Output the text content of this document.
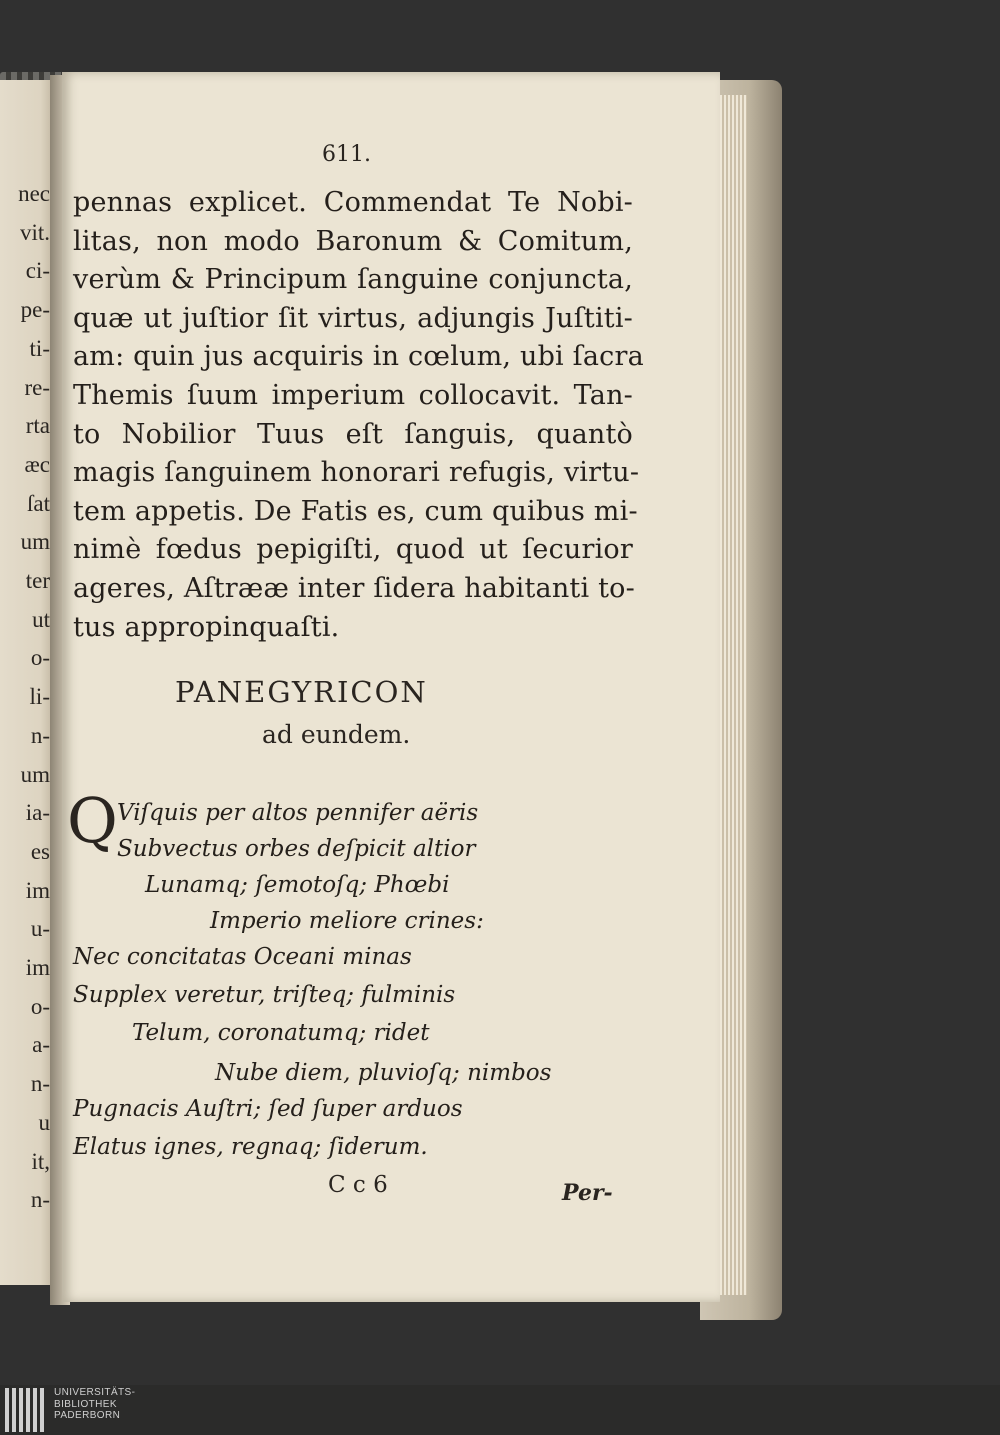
nec
vit.
ci-
pe-
ti-
re-
rta
æc
ſat
um
ter
ut
o-
li-
n-
um
ia-
es
im
u-
im
o-
a-
n-
u
it,
n-
611.
pennas explicet. Commendat Te Nobi-
litas, non modo Baronum & Comitum,
verùm & Principum ſanguine conjuncta,
quæ ut juſtior ſit virtus, adjungis Juſtiti-
am: quin jus acquiris in cœlum, ubi ſacra
Themis ſuum imperium collocavit. Tan-
to Nobilior Tuus eſt ſanguis, quantò
magis ſanguinem honorari refugis, virtu-
tem appetis. De Fatis es, cum quibus mi-
nimè fœdus pepigiſti, quod ut ſecurior
ageres, Aſtrææ inter ſidera habitanti to-
tus appropinquaſti.
PANEGYRICON
ad eundem.
Q Viſquis per altos pennifer aëris
Subvectus orbes deſpicit altior
Lunamq; ſemotoſq; Phœbi
Imperio meliore crines:
Nec concitatas Oceani minas
Supplex veretur, triſteq; fulminis
Telum, coronatumq; ridet
Nube diem, pluvioſq; nimbos
Pugnacis Auſtri; ſed ſuper arduos
Elatus ignes, regnaq; ſiderum.
C c 6	Per-
UNIVERSITÄTS-
BIBLIOTHEK
PADERBORN
